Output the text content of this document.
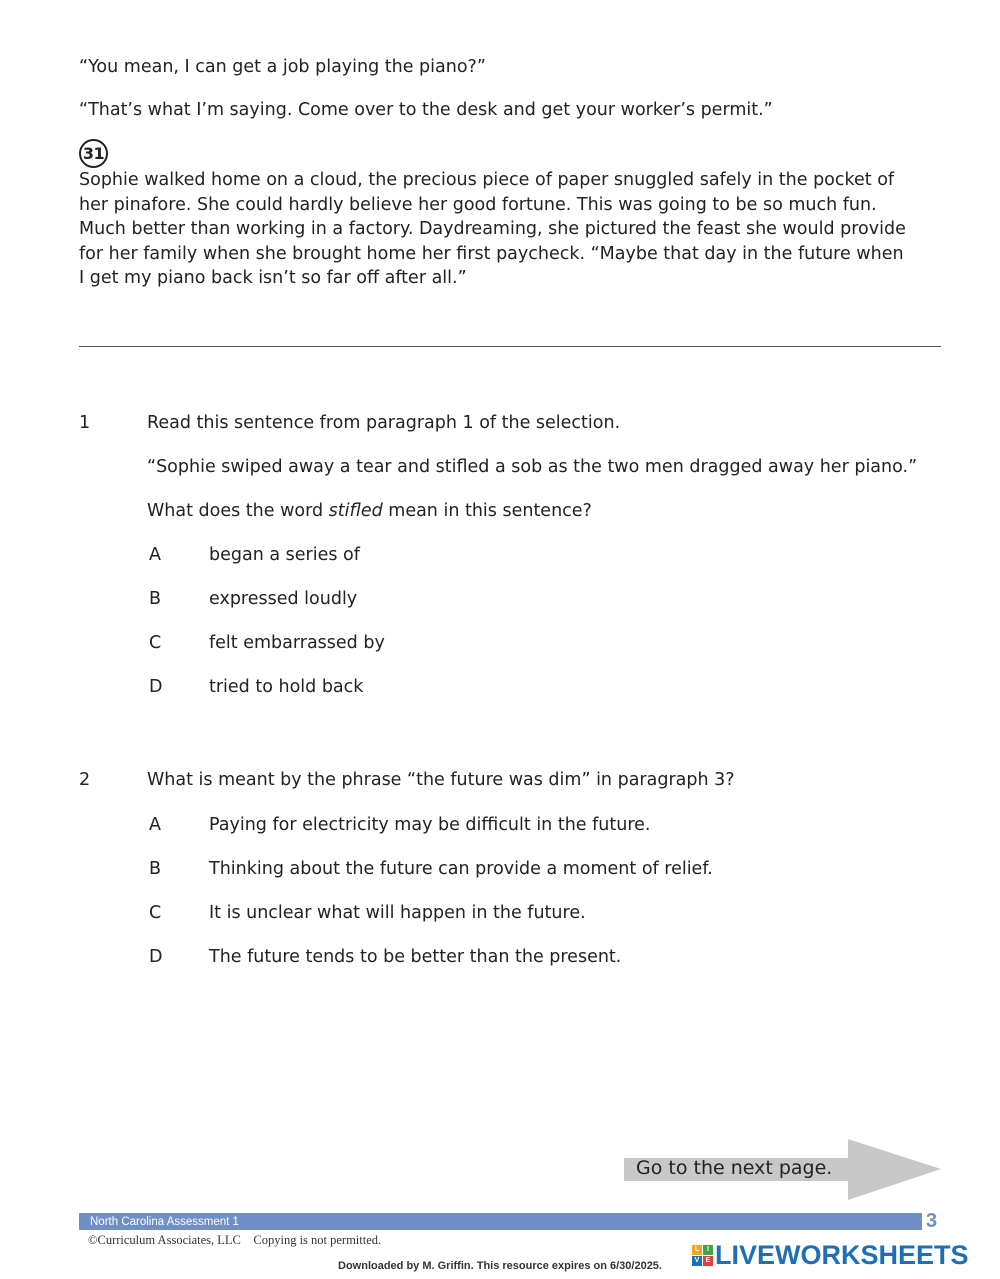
“You mean, I can get a job playing the piano?”
“That’s what I’m saying. Come over to the desk and get your worker’s permit.”
31
Sophie walked home on a cloud, the precious piece of paper snuggled safely in the pocket of
her pinafore. She could hardly believe her good fortune. This was going to be so much fun.
Much better than working in a factory. Daydreaming, she pictured the feast she would provide
for her family when she brought home her first paycheck. “Maybe that day in the future when
I get my piano back isn’t so far off after all.”
1	Read this sentence from paragraph 1 of the selection.
“Sophie swiped away a tear and stifled a sob as the two men dragged away her piano.”
What does the word stifled mean in this sentence?
A	began a series of
B	expressed loudly
C	felt embarrassed by
D	tried to hold back
2	What is meant by the phrase “the future was dim” in paragraph 3?
A	Paying for electricity may be difficult in the future.
B	Thinking about the future can provide a moment of relief.
C	It is unclear what will happen in the future.
D	The future tends to be better than the present.
Go to the next page.
North Carolina Assessment 1	3
©Curriculum Associates, LLC    Copying is not permitted.
L	I
V E LIVEWORKSHEETS
Downloaded by M. Griffin. This resource expires on 6/30/2025.
